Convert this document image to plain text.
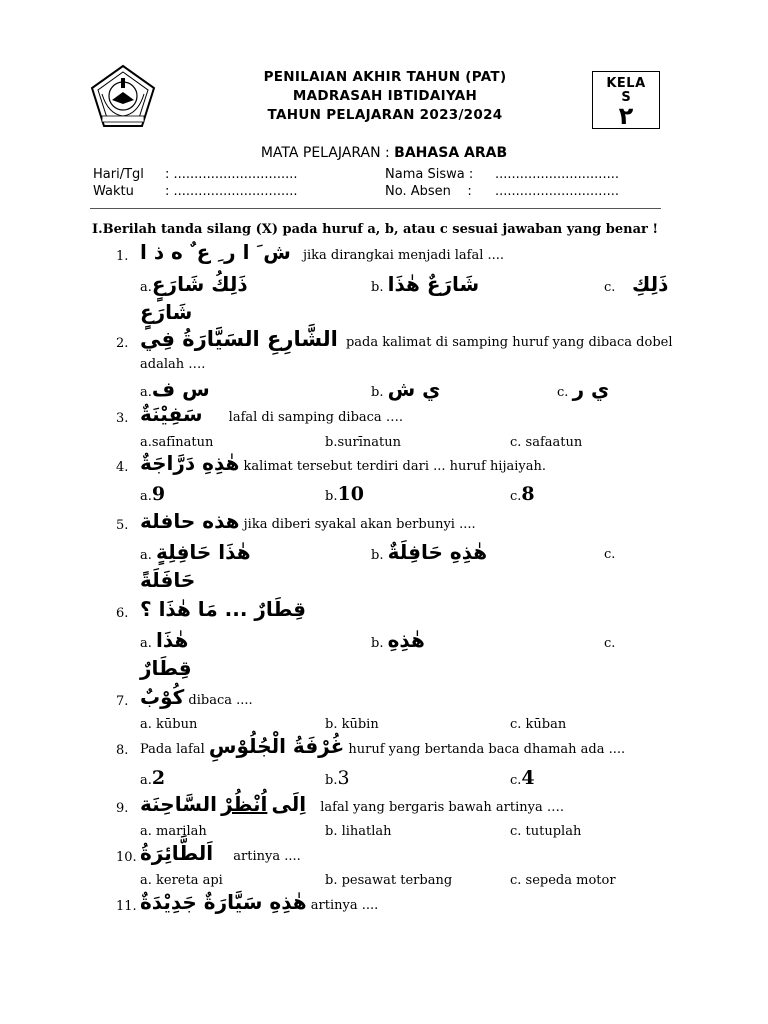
PENILAIAN AKHIR TAHUN (PAT)
MADRASAH IBTIDAIYAH
TAHUN PELAJARAN 2023/2024
KELA
S
٢
MATA PELAJARAN : BAHASA ARAB
Hari/Tgl : ..............................
Waktu : ..............................
Nama Siswa : ..............................
No. Absen    : ..............................
I.Berilah tanda silang (X) pada huruf a, b, atau c sesuai jawaban yang benar !
1. ش َ ا ر ِ ع ٌ ه ذ ا jika dirangkai menjadi lafal ....
a.ذَلِكُ شَارَعٍ	b. شَارَعٌ هٰذَا	c. ذَلِكِ
شَارَعٍ
2. الشَّارِعِ السَيَّارَةُ فِي pada kalimat di samping huruf yang dibaca dobel
adalah ….
a.س ف	b. ي ش	c. ي ر
3. سَفِيْنَةٌ lafal di samping dibaca ….
a.safīnatun	b.surīnatun	c. safaatun
4. هٰذِهِ دَرَّاجَةٌ kalimat tersebut terdiri dari ... huruf hijaiyah.
a.9	b.10	c.8
5. هذه حافلة jika diberi syakal akan berbunyi ....
a. هٰذَا حَافِلِةٍ	b. هٰذِهِ حَافِلَةٌ	c.
حَافَلَةً
6. قِطَارٌ ... مَا هٰذَا ؟
a. هٰذَا	b. هٰذِهِ	c.
قِطَارٌ
7. كُوْبٌ dibaca ....
a. kūbun	b. kūbin	c. kūban
8. Pada lafal غُرْفَةُ الْجُلُوْسِ huruf yang bertanda baca dhamah ada ....
a.2	b.3	c.4
9.	اِلَى اُنْظُرْ السَّاحِنَة	lafal yang bergaris bawah artinya ….
a. marilah	b. lihatlah	c. tutuplah
10. اَلطَّائِرَةُ artinya ....
a. kereta api	b. pesawat terbang	c. sepeda motor
11. هٰذِهِ سَيَّارَةٌ جَدِيْدَةٌ artinya ....
